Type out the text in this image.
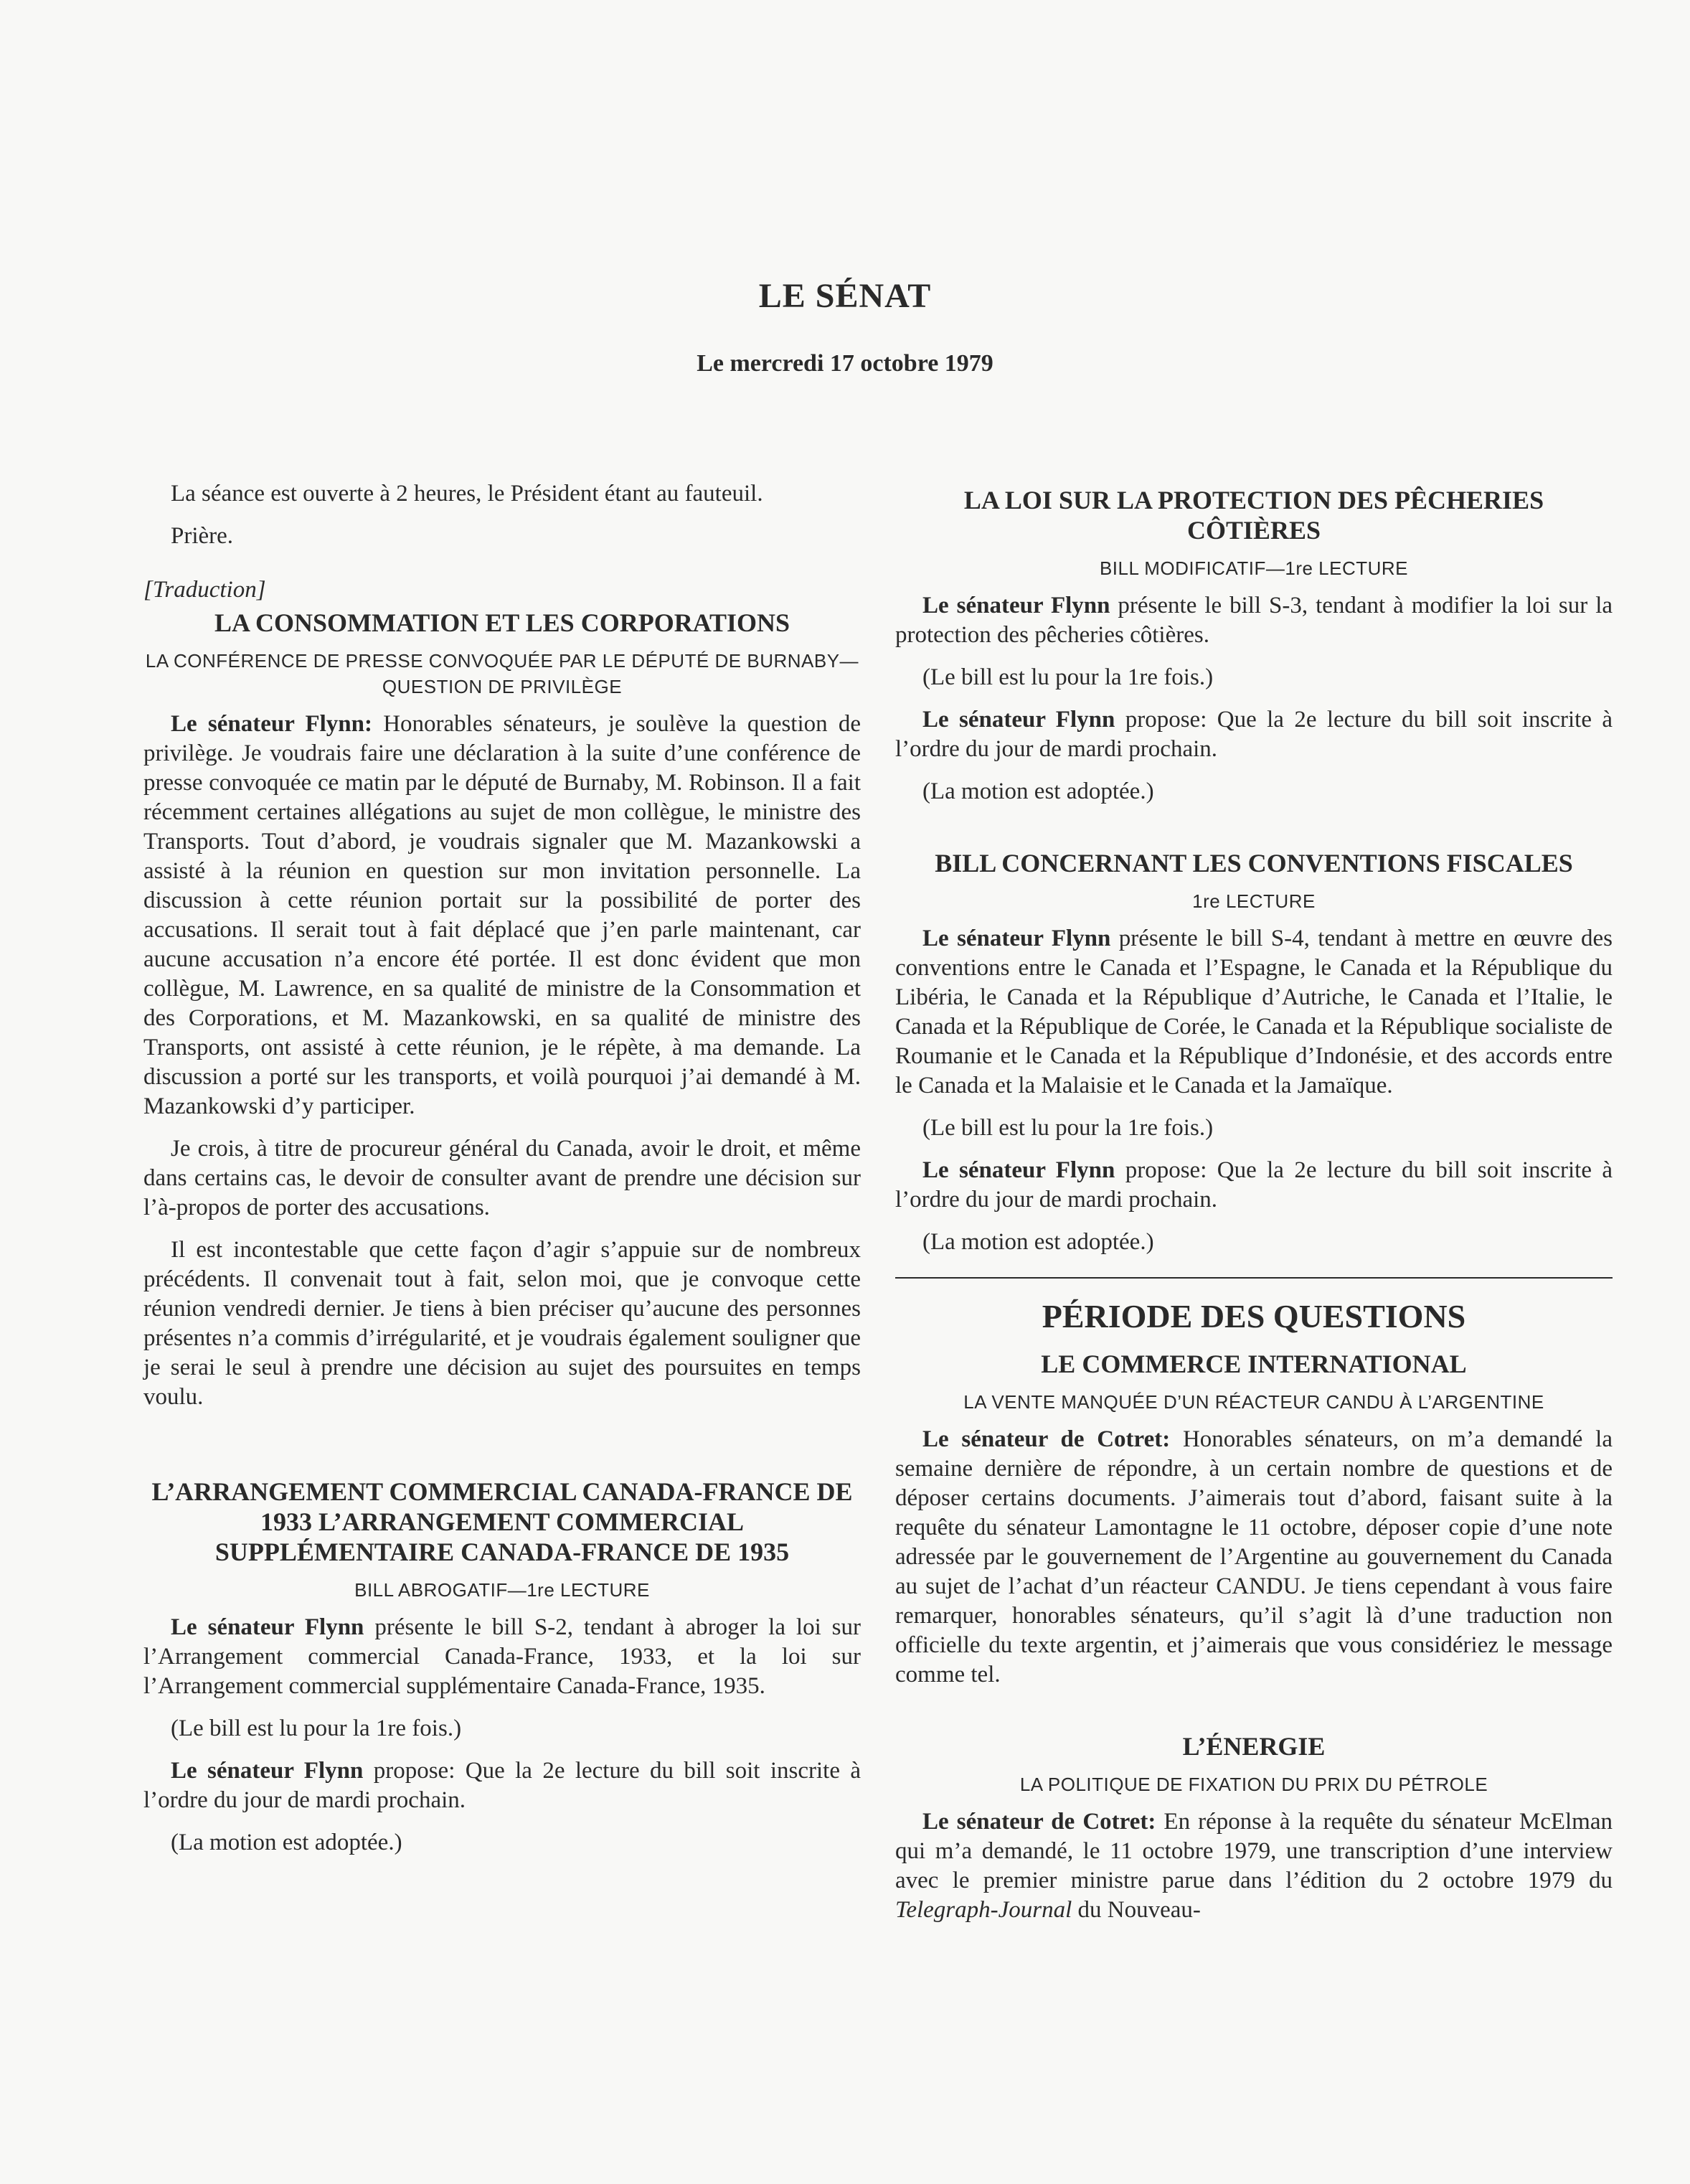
LE SÉNAT
Le mercredi 17 octobre 1979

La séance est ouverte à 2 heures, le Président étant au fauteuil.

Prière.

[Traduction]

LA CONSOMMATION ET LES CORPORATIONS
LA CONFÉRENCE DE PRESSE CONVOQUÉE PAR LE DÉPUTÉ DE BURNABY—QUESTION DE PRIVILÈGE

Le sénateur Flynn: Honorables sénateurs, je soulève la question de privilège. Je voudrais faire une déclaration à la suite d’une conférence de presse convoquée ce matin par le député de Burnaby, M. Robinson. Il a fait récemment certaines allégations au sujet de mon collègue, le ministre des Transports. Tout d’abord, je voudrais signaler que M. Mazankowski a assisté à la réunion en question sur mon invitation personnelle. La discussion à cette réunion portait sur la possibilité de porter des accusations. Il serait tout à fait déplacé que j’en parle maintenant, car aucune accusation n’a encore été portée. Il est donc évident que mon collègue, M. Lawrence, en sa qualité de ministre de la Consommation et des Corporations, et M. Mazankowski, en sa qualité de ministre des Transports, ont assisté à cette réunion, je le répète, à ma demande. La discussion a porté sur les transports, et voilà pourquoi j’ai demandé à M. Mazankowski d’y participer.

Je crois, à titre de procureur général du Canada, avoir le droit, et même dans certains cas, le devoir de consulter avant de prendre une décision sur l’à-propos de porter des accusations.

Il est incontestable que cette façon d’agir s’appuie sur de nombreux précédents. Il convenait tout à fait, selon moi, que je convoque cette réunion vendredi dernier. Je tiens à bien préciser qu’aucune des personnes présentes n’a commis d’irrégularité, et je voudrais également souligner que je serai le seul à prendre une décision au sujet des poursuites en temps voulu.

L’ARRANGEMENT COMMERCIAL CANADA-FRANCE DE 1933 L’ARRANGEMENT COMMERCIAL SUPPLÉMENTAIRE CANADA-FRANCE DE 1935
BILL ABROGATIF—1re LECTURE

Le sénateur Flynn présente le bill S-2, tendant à abroger la loi sur l’Arrangement commercial Canada-France, 1933, et la loi sur l’Arrangement commercial supplémentaire Canada-France, 1935.

(Le bill est lu pour la 1re fois.)

Le sénateur Flynn propose: Que la 2e lecture du bill soit inscrite à l’ordre du jour de mardi prochain.

(La motion est adoptée.)

LA LOI SUR LA PROTECTION DES PÊCHERIES CÔTIÈRES
BILL MODIFICATIF—1re LECTURE

Le sénateur Flynn présente le bill S-3, tendant à modifier la loi sur la protection des pêcheries côtières.

(Le bill est lu pour la 1re fois.)

Le sénateur Flynn propose: Que la 2e lecture du bill soit inscrite à l’ordre du jour de mardi prochain.

(La motion est adoptée.)

BILL CONCERNANT LES CONVENTIONS FISCALES
1re LECTURE

Le sénateur Flynn présente le bill S-4, tendant à mettre en œuvre des conventions entre le Canada et l’Espagne, le Canada et la République du Libéria, le Canada et la République d’Autriche, le Canada et l’Italie, le Canada et la République de Corée, le Canada et la République socialiste de Roumanie et le Canada et la République d’Indonésie, et des accords entre le Canada et la Malaisie et le Canada et la Jamaïque.

(Le bill est lu pour la 1re fois.)

Le sénateur Flynn propose: Que la 2e lecture du bill soit inscrite à l’ordre du jour de mardi prochain.

(La motion est adoptée.)

PÉRIODE DES QUESTIONS
LE COMMERCE INTERNATIONAL
LA VENTE MANQUÉE D’UN RÉACTEUR CANDU À L’ARGENTINE

Le sénateur de Cotret: Honorables sénateurs, on m’a demandé la semaine dernière de répondre, à un certain nombre de questions et de déposer certains documents. J’aimerais tout d’abord, faisant suite à la requête du sénateur Lamontagne le 11 octobre, déposer copie d’une note adressée par le gouvernement de l’Argentine au gouvernement du Canada au sujet de l’achat d’un réacteur CANDU. Je tiens cependant à vous faire remarquer, honorables sénateurs, qu’il s’agit là d’une traduction non officielle du texte argentin, et j’aimerais que vous considériez le message comme tel.

L’ÉNERGIE
LA POLITIQUE DE FIXATION DU PRIX DU PÉTROLE

Le sénateur de Cotret: En réponse à la requête du sénateur McElman qui m’a demandé, le 11 octobre 1979, une transcription d’une interview avec le premier ministre parue dans l’édition du 2 octobre 1979 du Telegraph-Journal du Nouveau-
